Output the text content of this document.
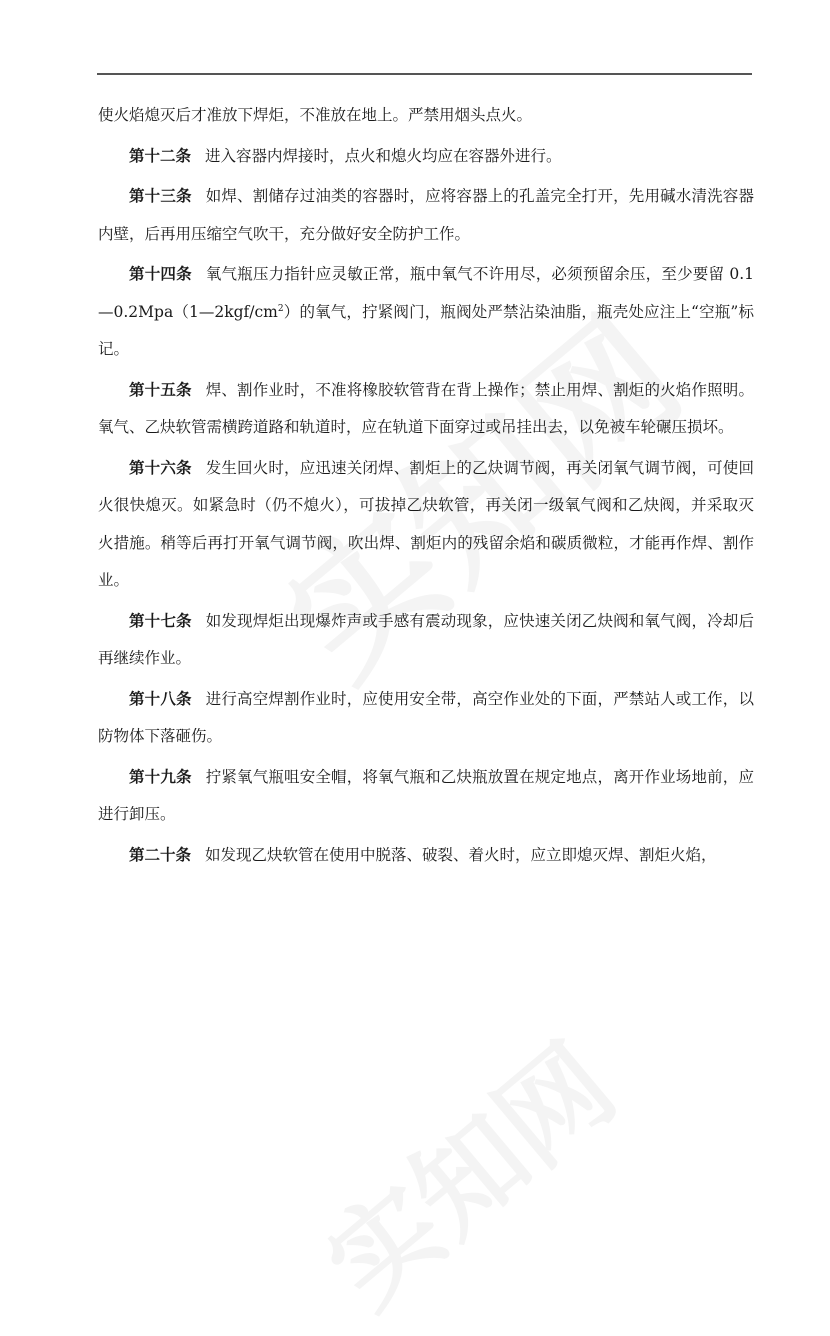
使火焰熄灭后才准放下焊炬，不准放在地上。严禁用烟头点火。

第十二条 进入容器内焊接时，点火和熄火均应在容器外进行。

第十三条 如焊、割储存过油类的容器时，应将容器上的孔盖完全打开，先用碱水清洗容器内壁，后再用压缩空气吹干，充分做好安全防护工作。

第十四条 氧气瓶压力指针应灵敏正常，瓶中氧气不许用尽，必须预留余压，至少要留 $0.1—0.2Mpa(1—2kgf/cm^2)$的氧气，拧紧阀门，瓶阀处严禁沾染油脂，瓶壳处应注上“空瓶”标记。

第十五条 焊、割作业时，不准将橡胶软管背在背上操作；禁止用焊、割炬的火焰作照明。氧气、乙炔软管需横跨道路和轨道时，应在轨道下面穿过或吊挂出去，以免被车轮碾压损坏。

第十六条 发生回火时，应迅速关闭焊、割炬上的乙炔调节阀，再关闭氧气调节阀，可使回火很快熄灭。如紧急时（仍不熄火），可拔掉乙炔软管，再关闭一级氧气阀和乙炔阀，并采取灭火措施。稍等后再打开氧气调节阀，吹出焊、割炬内的残留余焰和碳质微粒，才能再作焊、割作业。

第十七条 如发现焊炬出现爆炸声或手感有震动现象，应快速关闭乙炔阀和氧气阀，冷却后再继续作业。

第十八条 进行高空焊割作业时，应使用安全带，高空作业处的下面，严禁站人或工作，以防物体下落砸伤。

第十九条 拧紧氧气瓶咀安全帽，将氧气瓶和乙炔瓶放置在规定地点，离开作业场地前，应进行卸压。

第二十条 如发现乙炔软管在使用中脱落、破裂、着火时，应立即熄灭焊、割炬火焰，
